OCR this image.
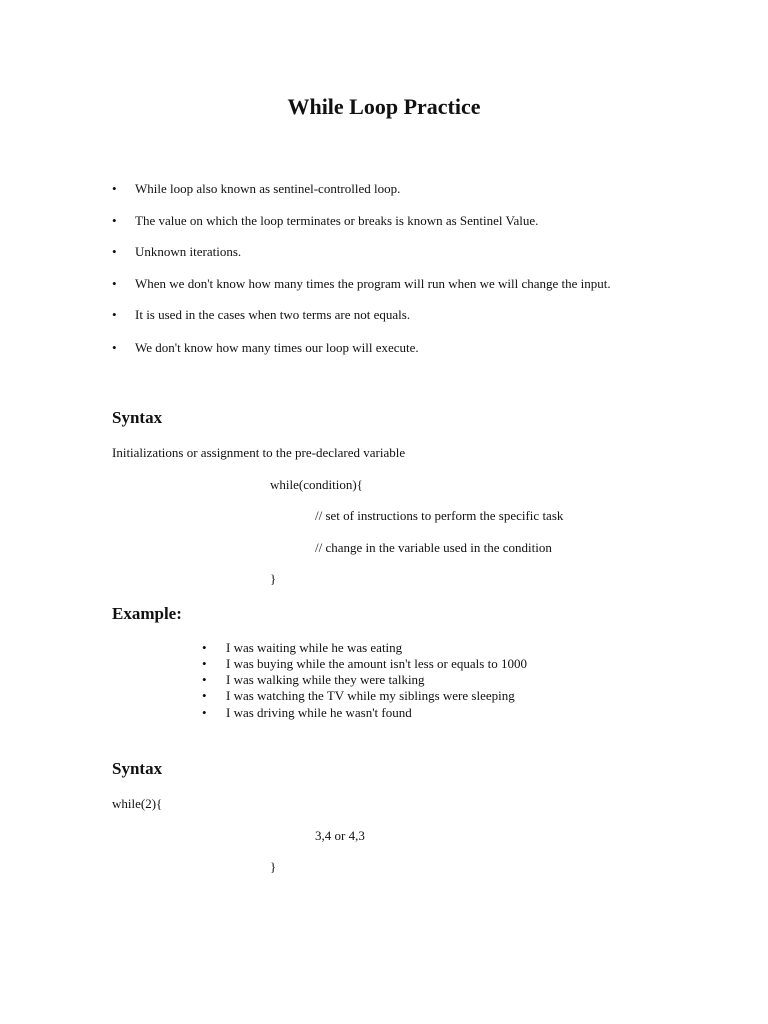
While Loop Practice
• While loop also known as sentinel-controlled loop.
• The value on which the loop terminates or breaks is known as Sentinel Value.
• Unknown iterations.
• When we don't know how many times the program will run when we will change the input.
• It is used in the cases when two terms are not equals.
• We don't know how many times our loop will execute.
Syntax
Initializations or assignment to the pre-declared variable
while(condition){
// set of instructions to perform the specific task
// change in the variable used in the condition
}
Example:
• I was waiting while he was eating
• I was buying while the amount isn't less or equals to 1000
• I was walking while they were talking
• I was watching the TV while my siblings were sleeping
• I was driving while he wasn't found
Syntax
while(2){
3,4 or 4,3
}
